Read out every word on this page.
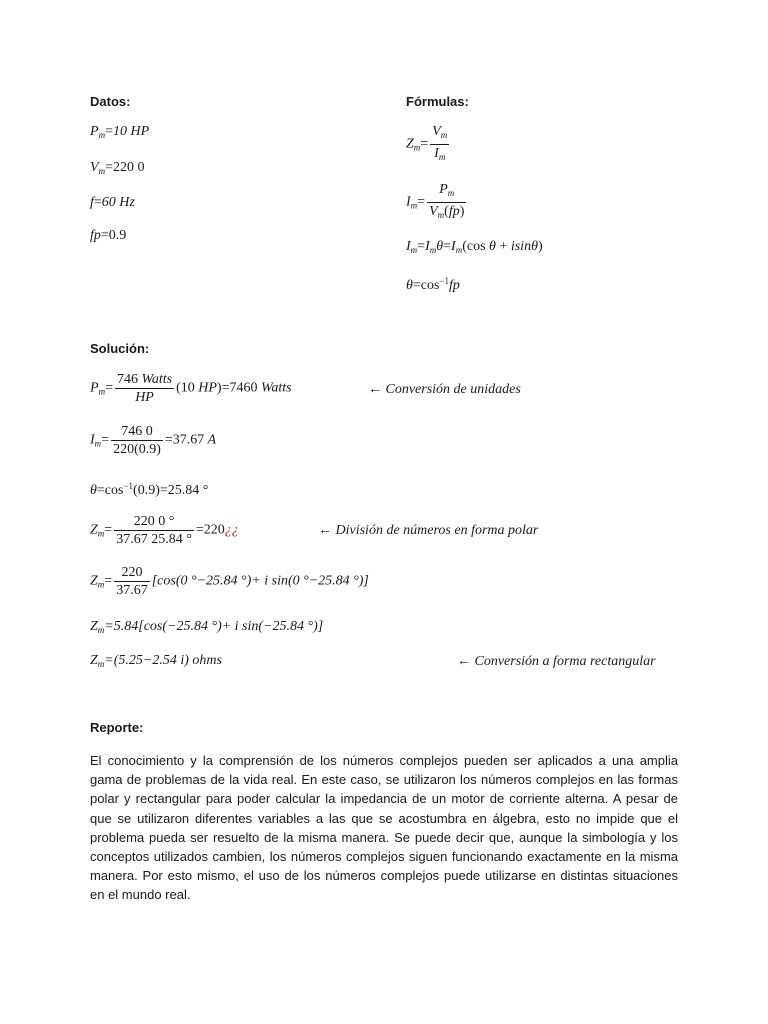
Datos:
$P_m=10$ HP
$V_m=220$ 0
f=60 Hz
fp=0.9
Fórmulas:
$Z_m= \frac{V_m}{I_m}$
$I_m= \frac{P_m}{V_m(fp)}$
$I_m=I_m\theta=I_m(\cos$ θ + isinθ)
$\theta=\cos^{-1}fp$
Solución:
$P_m= \frac{\text{746 Watts}}{HP} (10$ HP)=7460 Watts	← Conversión de unidades
$I_m= \frac{746 0}{220(0.9)} =37.67$ A
$\theta=\cos^{-1}(0.9)=25.84$ °
$Z_m= \frac{220 0 ^\circ}{37.67 25.84 ^\circ}$ =220¿¿	← División de números en forma polar
$Z_m= \frac{220}{37.67} [\cos(0$ °−25.84 °)+ i sin(0 °−25.84 °)]
$Z_m=5.84[\cos(-25.84$ °)+ i sin(−25.84 °)]
$Z_m=(5.25-2.54$ i) ohms	← Conversión a forma rectangular
Reporte:
El conocimiento y la comprensión de los números complejos pueden ser aplicados a una amplia gama de problemas de la vida real. En este caso, se utilizaron los números complejos en las formas polar y rectangular para poder calcular la impedancia de un motor de corriente alterna. A pesar de que se utilizaron diferentes variables a las que se acostumbra en álgebra, esto no impide que el problema pueda ser resuelto de la misma manera. Se puede decir que, aunque la simbología y los conceptos utilizados cambien, los números complejos siguen funcionando exactamente en la misma manera. Por esto mismo, el uso de los números complejos puede utilizarse en distintas situaciones en el mundo real.
